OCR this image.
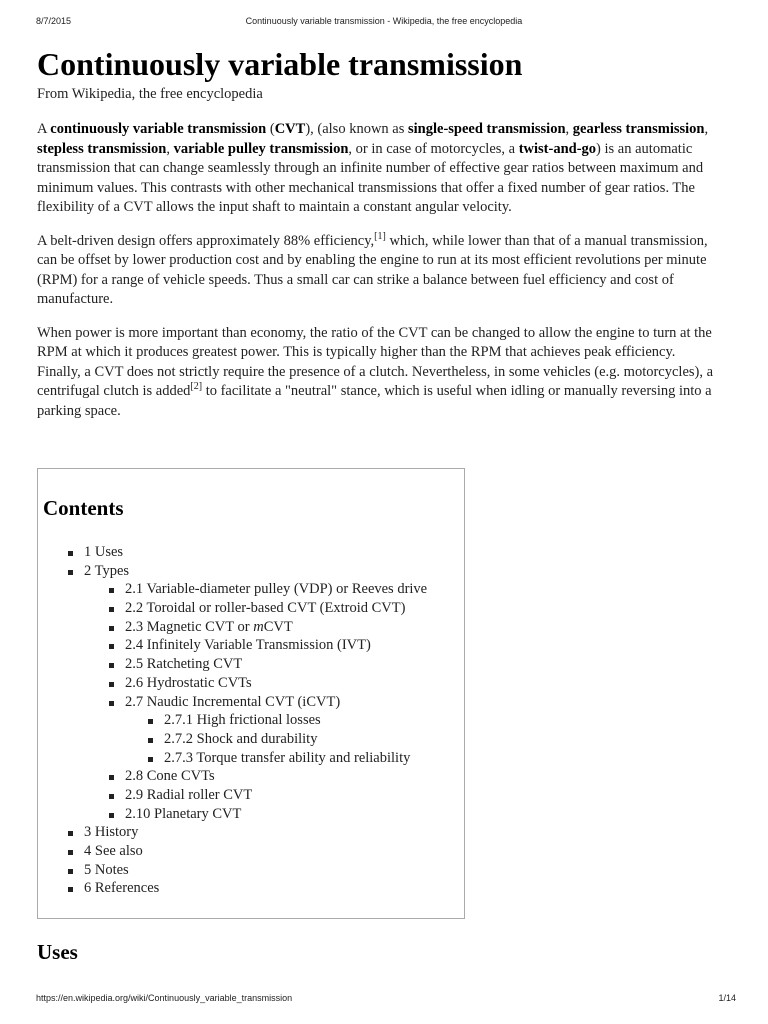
8/7/2015	Continuously variable transmission - Wikipedia, the free encyclopedia
Continuously variable transmission
From Wikipedia, the free encyclopedia

A continuously variable transmission (CVT), (also known as single-speed transmission, gearless transmission, stepless transmission, variable pulley transmission, or in case of motorcycles, a twist-and-go) is an automatic transmission that can change seamlessly through an infinite number of effective gear ratios between maximum and minimum values. This contrasts with other mechanical transmissions that offer a fixed number of gear ratios. The flexibility of a CVT allows the input shaft to maintain a constant angular velocity.

A belt-driven design offers approximately 88% efficiency,[1] which, while lower than that of a manual transmission, can be offset by lower production cost and by enabling the engine to run at its most efficient revolutions per minute (RPM) for a range of vehicle speeds. Thus a small car can strike a balance between fuel efficiency and cost of manufacture.

When power is more important than economy, the ratio of the CVT can be changed to allow the engine to turn at the RPM at which it produces greatest power. This is typically higher than the RPM that achieves peak efficiency. Finally, a CVT does not strictly require the presence of a clutch. Nevertheless, in some vehicles (e.g. motorcycles), a centrifugal clutch is added[2] to facilitate a "neutral" stance, which is useful when idling or manually reversing into a parking space.

Contents
1 Uses
2 Types
2.1 Variable-diameter pulley (VDP) or Reeves drive
2.2 Toroidal or roller-based CVT (Extroid CVT)
2.3 Magnetic CVT or mCVT
2.4 Infinitely Variable Transmission (IVT)
2.5 Ratcheting CVT
2.6 Hydrostatic CVTs
2.7 Naudic Incremental CVT (iCVT)
2.7.1 High frictional losses
2.7.2 Shock and durability
2.7.3 Torque transfer ability and reliability
2.8 Cone CVTs
2.9 Radial roller CVT
2.10 Planetary CVT
3 History
4 See also
5 Notes
6 References
Uses
https://en.wikipedia.org/wiki/Continuously_variable_transmission	1/14
